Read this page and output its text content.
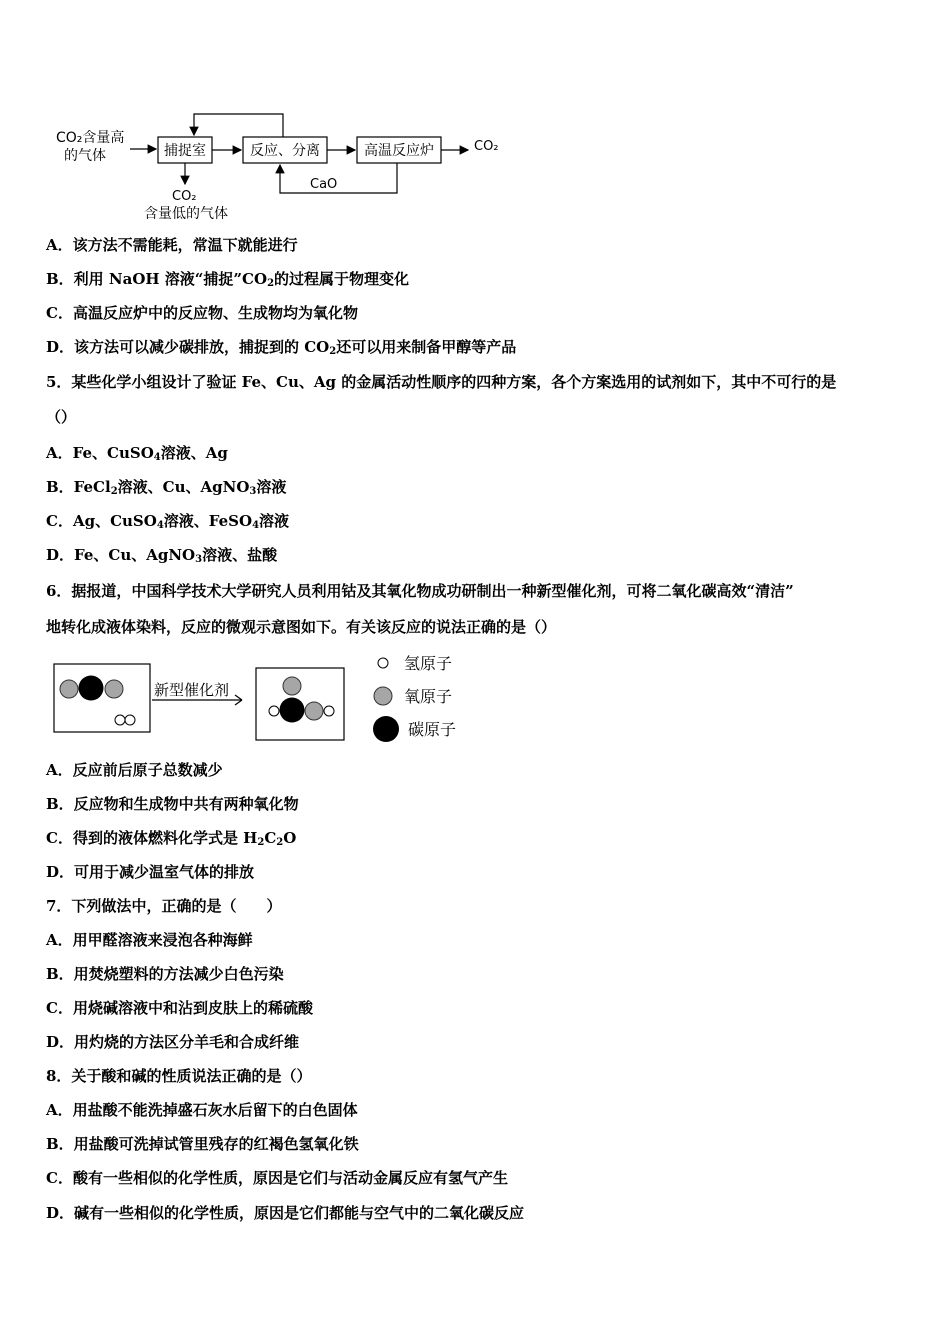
CO₂含量高
的气体	捕捉室	反应、分离	高温反应炉	CO₂
CaO
CO₂
含量低的气体
A．该方法不需能耗，常温下就能进行
B．利用 NaOH 溶液“捕捉$”CO_2$的过程属于物理变化
C．高温反应炉中的反应物、生成物均为氧化物
D．该方法可以减少碳排放，捕捉到的 $CO_2$还可以用来制备甲醇等产品
5．某些化学小组设计了验证 Fe、Cu、Ag 的金属活动性顺序的四种方案，各个方案选用的试剂如下，其中不可行的是
（）
A．Fe、CuSO$_4$溶液、Ag
B．FeCl$_2$溶液、Cu、AgNO$_3$溶液
C．Ag、CuSO$_4$溶液、FeSO$_4$溶液
D．Fe、Cu、AgNO$_3$溶液、盐酸
6．据报道，中国科学技术大学研究人员利用钴及其氧化物成功研制出一种新型催化剂，可将二氧化碳高效“清洁”
地转化成液体染料，反应的微观示意图如下。有关该反应的说法正确的是（）
新型催化剂
氢原子
氧原子
碳原子
A．反应前后原子总数减少
B．反应物和生成物中共有两种氧化物
C．得到的液体燃料化学式是 $H_2C_2O$
D．可用于减少温室气体的排放
7．下列做法中，正确的是（　　）
A．用甲醛溶液来浸泡各种海鲜
B．用焚烧塑料的方法减少白色污染
C．用烧碱溶液中和沾到皮肤上的稀硫酸
D．用灼烧的方法区分羊毛和合成纤维
8．关于酸和碱的性质说法正确的是（）
A．用盐酸不能洗掉盛石灰水后留下的白色固体
B．用盐酸可洗掉试管里残存的红褐色氢氧化铁
C．酸有一些相似的化学性质，原因是它们与活动金属反应有氢气产生
D．碱有一些相似的化学性质，原因是它们都能与空气中的二氧化碳反应
